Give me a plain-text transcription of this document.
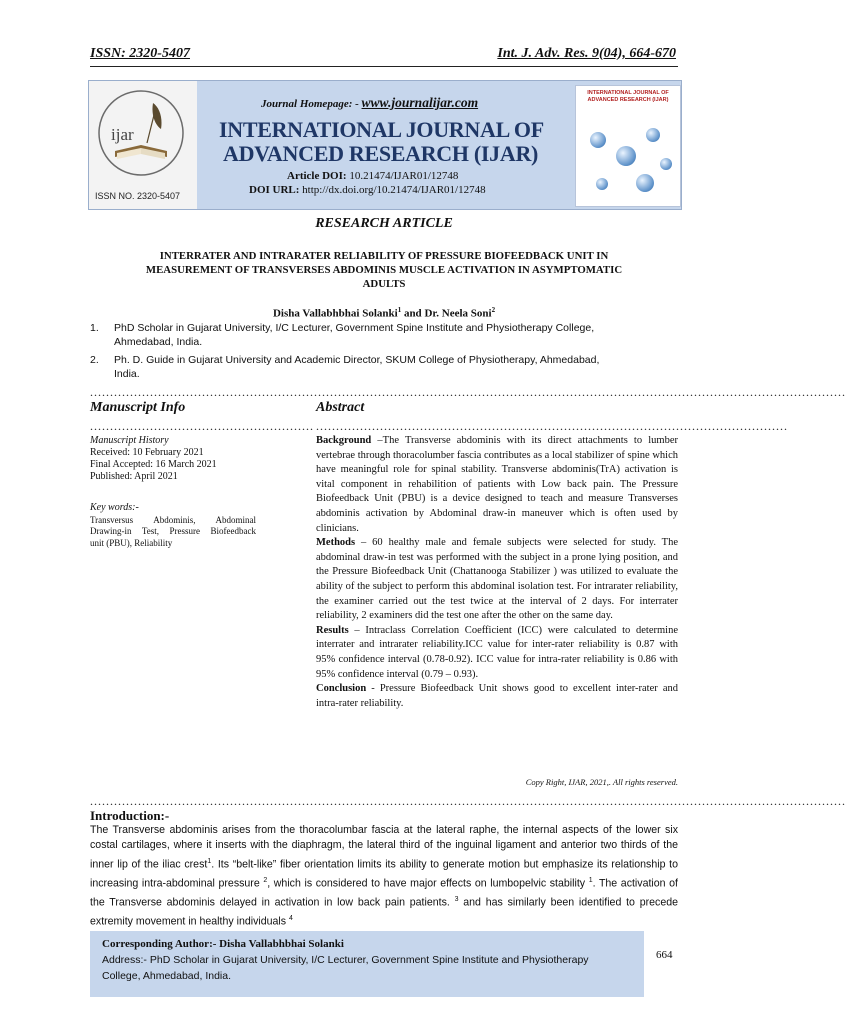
ISSN: 2320-5407	Int. J. Adv. Res. 9(04), 664-670
ijar
ISSN NO. 2320-5407
Journal Homepage: - www.journalijar.com
INTERNATIONAL JOURNAL OF
ADVANCED RESEARCH (IJAR)
Article DOI: 10.21474/IJAR01/12748
DOI URL: http://dx.doi.org/10.21474/IJAR01/12748
INTERNATIONAL JOURNAL OF ADVANCED RESEARCH (IJAR)
RESEARCH ARTICLE
INTERRATER AND INTRARATER RELIABILITY OF PRESSURE BIOFEEDBACK UNIT IN
MEASUREMENT OF TRANSVERSES ABDOMINIS MUSCLE ACTIVATION IN ASYMPTOMATIC
ADULTS
Disha Vallabhbhai Solanki$^1$ and Dr. Neela Soni$^2$
1.	PhD Scholar in Gujarat University, I/C Lecturer, Government Spine Institute and Physiotherapy College,
Ahmedabad, India.
2.	Ph. D. Guide in Gujarat University and Academic Director, SKUM College of Physiotherapy, Ahmedabad,
India.
.............................................................................................................................................................................................
Manuscript Info
........................................................
Manuscript History
Received: 10 February 2021
Final Accepted: 16 March 2021
Published: April 2021
Key words:-
Transversus    Abdominis,    Abdominal
Drawing-in  Test,  Pressure  Biofeedback
unit (PBU), Reliability
Abstract
......................................................................................................................
Background –The Transverse abdominis with its direct attachments to lumber vertebrae through thoracolumber fascia contributes as a local stabilizer of spine which have meaningful role for spinal stability. Transverse abdominis(TrA) activation is vital component in rehabilition of patients with Low back pain. The Pressure Biofeedback Unit (PBU) is a device designed to teach and measure Transverses abdominis activation by Abdominal draw-in maneuver which is often used by clinicians.
Methods – 60 healthy male and female subjects were selected for study. The abdominal draw-in test was performed with the subject in a prone lying position, and the Pressure Biofeedback Unit (Chattanooga Stabilizer ) was utilized to evaluate the ability of the subject to perform this abdominal isolation test. For intrarater reliability, the examiner carried out the test twice at the interval of 2 days. For interrater reliability, 2 examiners did the test one after the other on the same day.
Results – Intraclass Correlation Coefficient (ICC) were calculated to determine interrater and intrarater reliability.ICC value for inter-rater reliability is 0.87 with 95% confidence interval (0.78-0.92). ICC value for intra-rater reliability is 0.86 with 95% confidence interval (0.79 – 0.93).
Conclusion - Pressure Biofeedback Unit shows good to excellent inter-rater and intra-rater reliability.
Copy Right, IJAR, 2021,. All rights reserved.
.............................................................................................................................................................................................
Introduction:-
The Transverse abdominis arises from the thoracolumbar fascia at the lateral raphe, the internal aspects of the lower six costal cartilages, where it inserts with the diaphragm, the lateral third of the inguinal ligament and anterior two thirds of the inner lip of the iliac crest$^1$. Its “belt-like” fiber orientation limits its ability to generate motion but emphasize its relationship to increasing intra-abdominal pressure $^2$, which is considered to have major effects on lumbopelvic stability $^1$. The activation of the Transverse abdominis delayed in activation in low back pain patients. $^3$ and has similarly been identified to precede extremity movement in healthy individuals $^4$
Corresponding Author:- Disha Vallabhbhai Solanki
Address:- PhD Scholar in Gujarat University, I/C Lecturer, Government Spine Institute and Physiotherapy
College, Ahmedabad, India.
664
